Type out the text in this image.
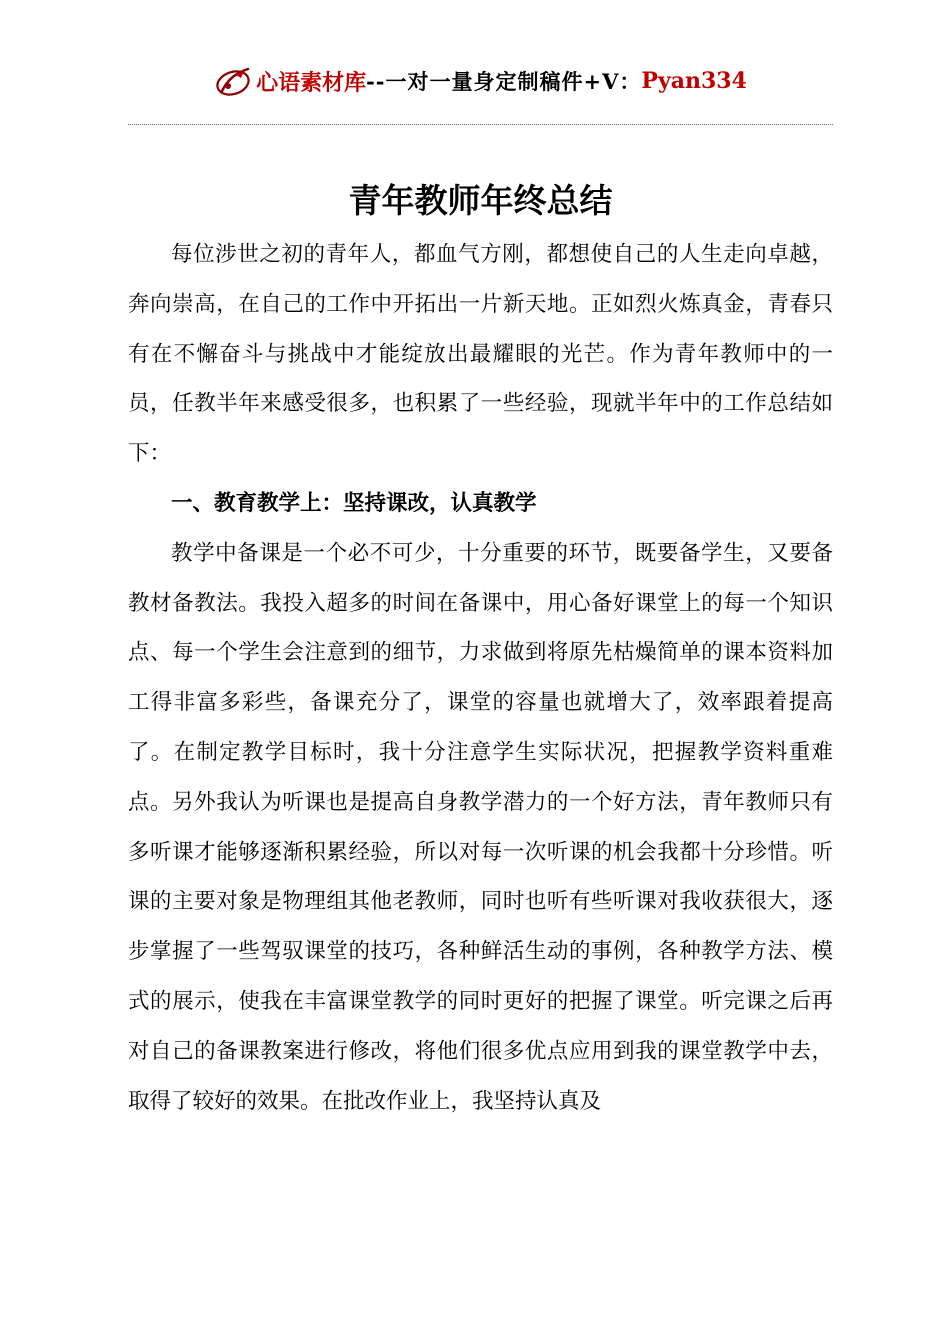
心语素材库 --一对一量身定制稿件+V： Pyan334
青年教师年终总结

每位涉世之初的青年人，都血气方刚，都想使自己的人生走向卓越，奔向崇高，在自己的工作中开拓出一片新天地。正如烈火炼真金，青春只有在不懈奋斗与挑战中才能绽放出最耀眼的光芒。作为青年教师中的一员，任教半年来感受很多，也积累了一些经验，现就半年中的工作总结如下：

一、教育教学上：坚持课改，认真教学

教学中备课是一个必不可少，十分重要的环节，既要备学生，又要备教材备教法。我投入超多的时间在备课中，用心备好课堂上的每一个知识点、每一个学生会注意到的细节，力求做到将原先枯燥简单的课本资料加工得非富多彩些，备课充分了，课堂的容量也就增大了，效率跟着提高了。在制定教学目标时，我十分注意学生实际状况，把握教学资料重难点。另外我认为听课也是提高自身教学潜力的一个好方法，青年教师只有多听课才能够逐渐积累经验，所以对每一次听课的机会我都十分珍惜。听课的主要对象是物理组其他老教师，同时也听有些听课对我收获很大，逐步掌握了一些驾驭课堂的技巧，各种鲜活生动的事例，各种教学方法、模式的展示，使我在丰富课堂教学的同时更好的把握了课堂。听完课之后再对自己的备课教案进行修改，将他们很多优点应用到我的课堂教学中去，取得了较好的效果。在批改作业上，我坚持认真及
